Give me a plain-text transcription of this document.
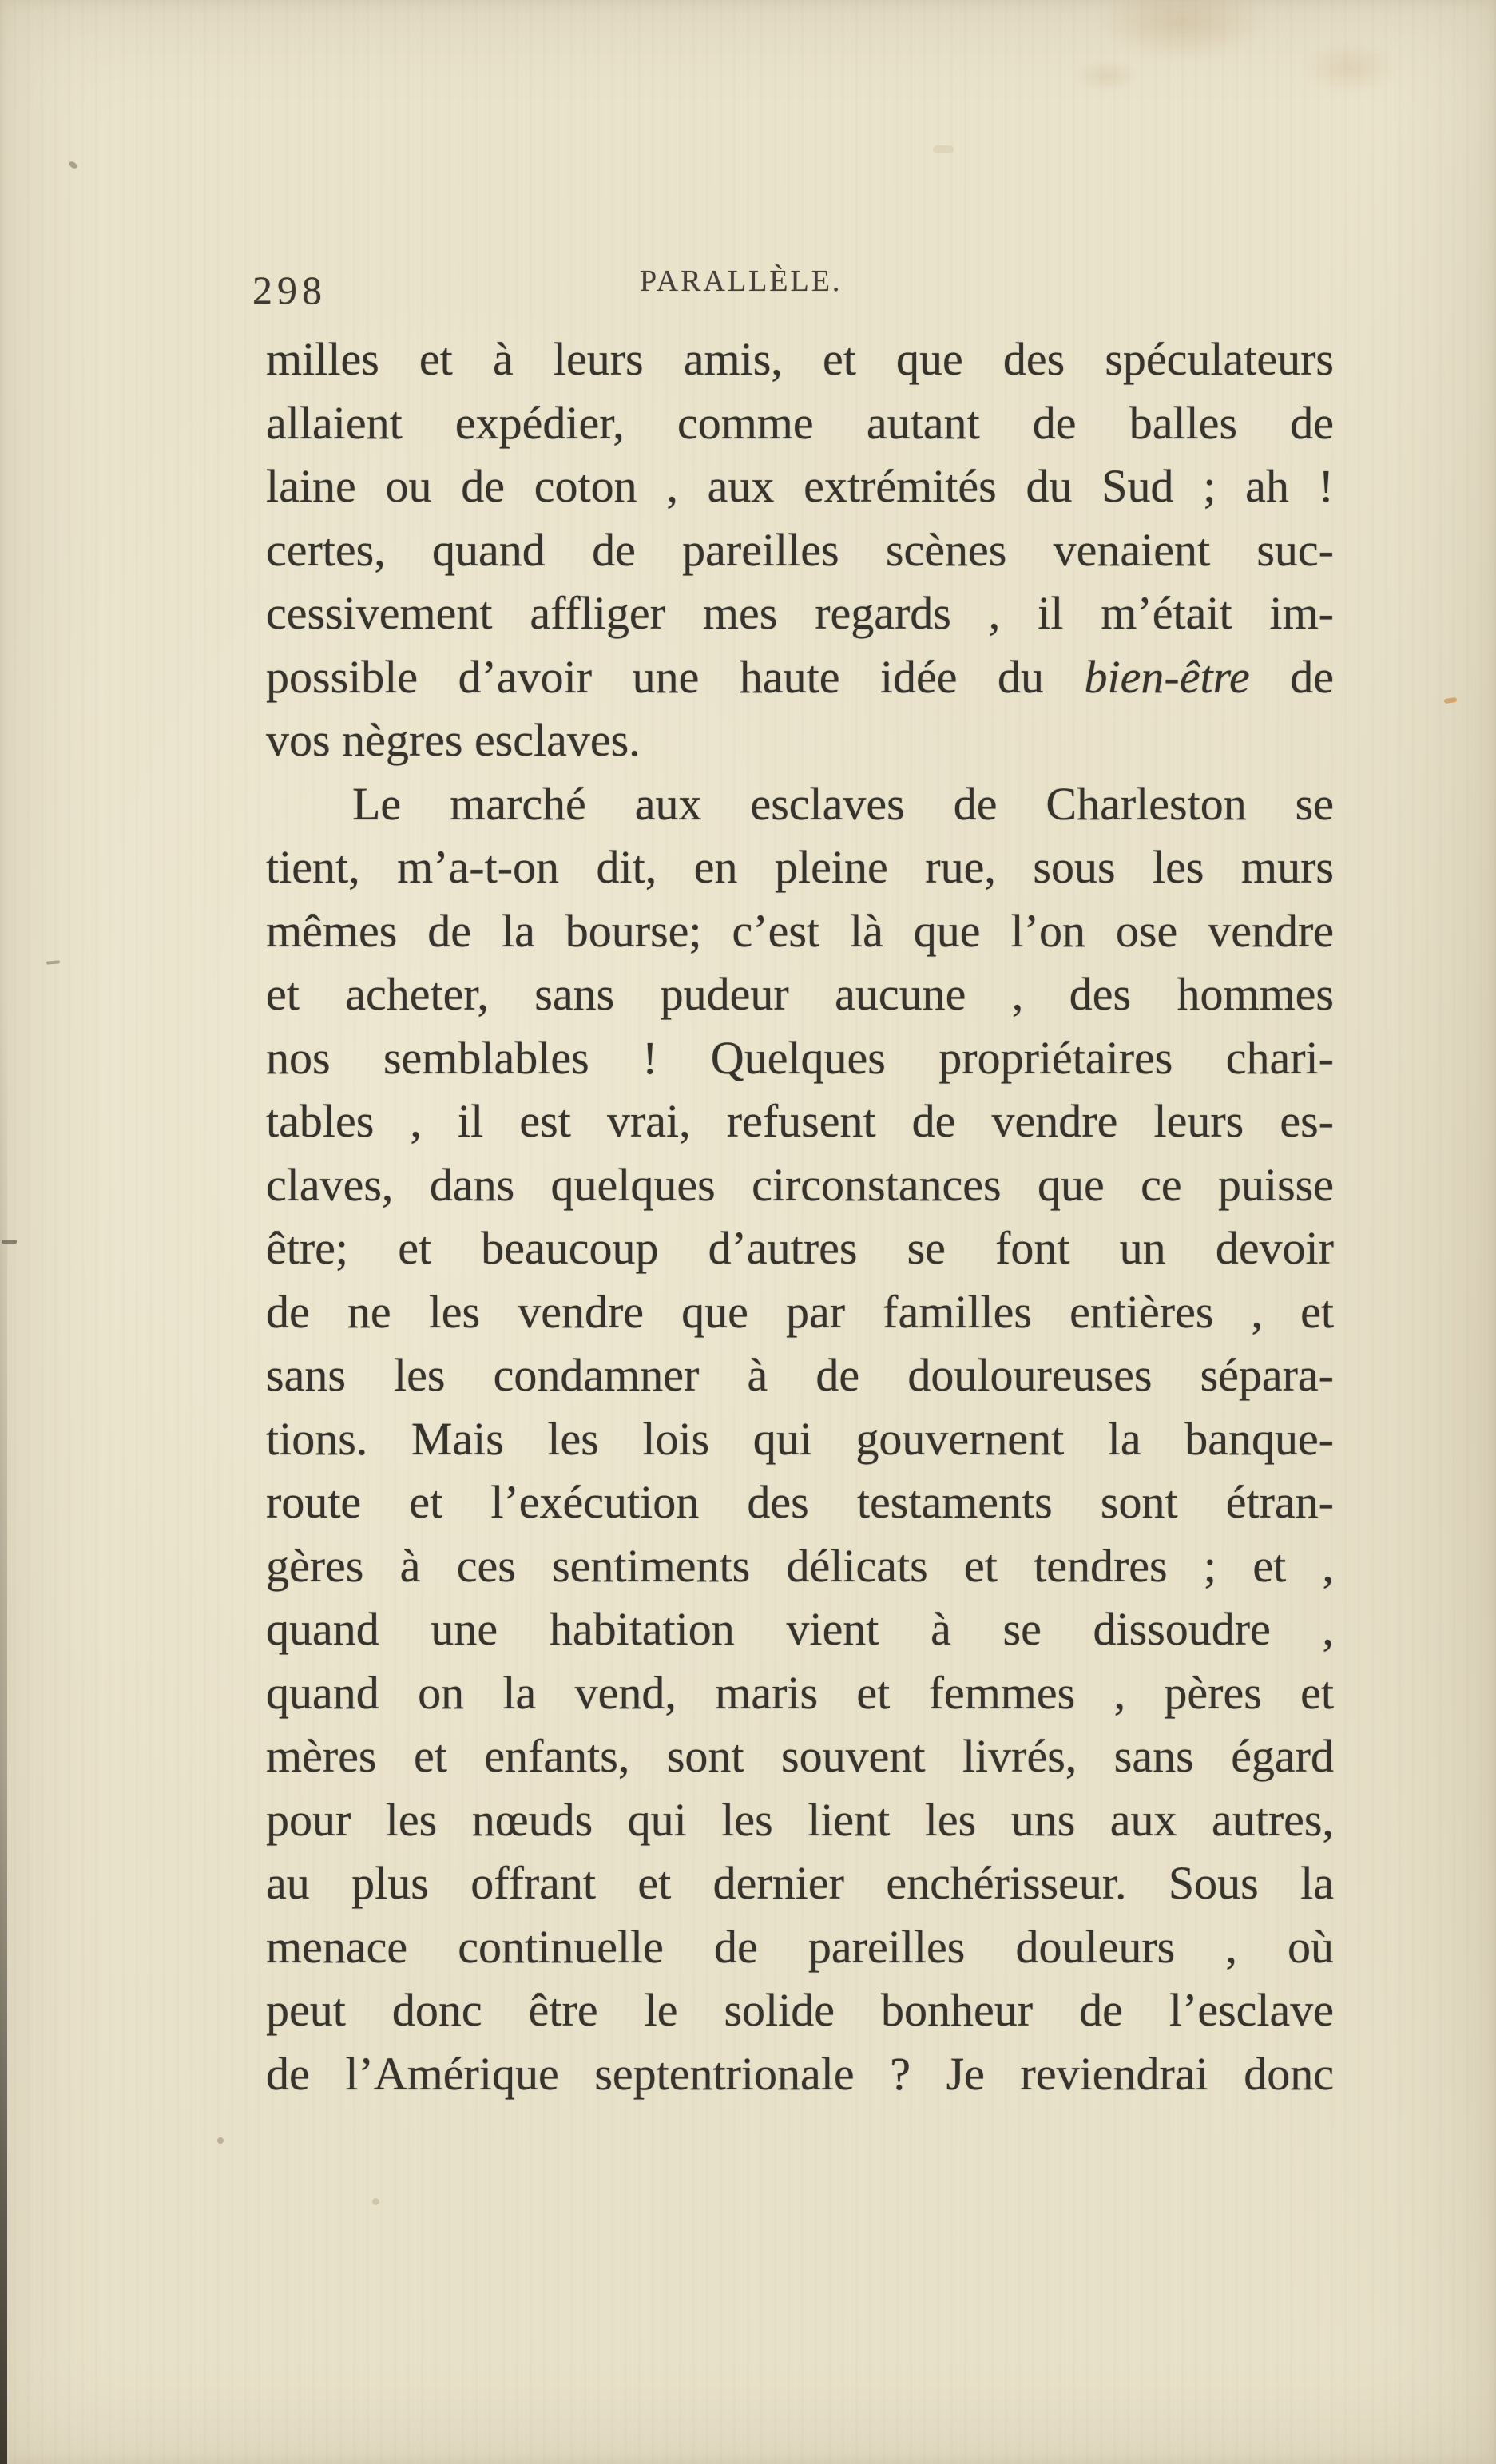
298	PARALLÈLE.
milles et à leurs amis, et que des spéculateurs
allaient expédier, comme autant de balles de
laine ou de coton , aux extrémités du Sud ; ah !
certes, quand de pareilles scènes venaient suc-
cessivement affliger mes regards , il m’était im-
possible d’avoir une haute idée du bien-être de
vos nègres esclaves.
Le marché aux esclaves de Charleston se
tient, m’a-t-on dit, en pleine rue, sous les murs
mêmes de la bourse; c’est là que l’on ose vendre
et acheter, sans pudeur aucune , des hommes
nos semblables ! Quelques propriétaires chari-
tables , il est vrai, refusent de vendre leurs es-
claves, dans quelques circonstances que ce puisse
être; et beaucoup d’autres se font un devoir
de ne les vendre que par familles entières , et
sans les condamner à de douloureuses sépara-
tions. Mais les lois qui gouvernent la banque-
route et l’exécution des testaments sont étran-
gères à ces sentiments délicats et tendres ; et ,
quand une habitation vient à se dissoudre ,
quand on la vend, maris et femmes , pères et
mères et enfants, sont souvent livrés, sans égard
pour les nœuds qui les lient les uns aux autres,
au plus offrant et dernier enchérisseur. Sous la
menace continuelle de pareilles douleurs , où
peut donc être le solide bonheur de l’esclave
de l’Amérique septentrionale ? Je reviendrai donc
